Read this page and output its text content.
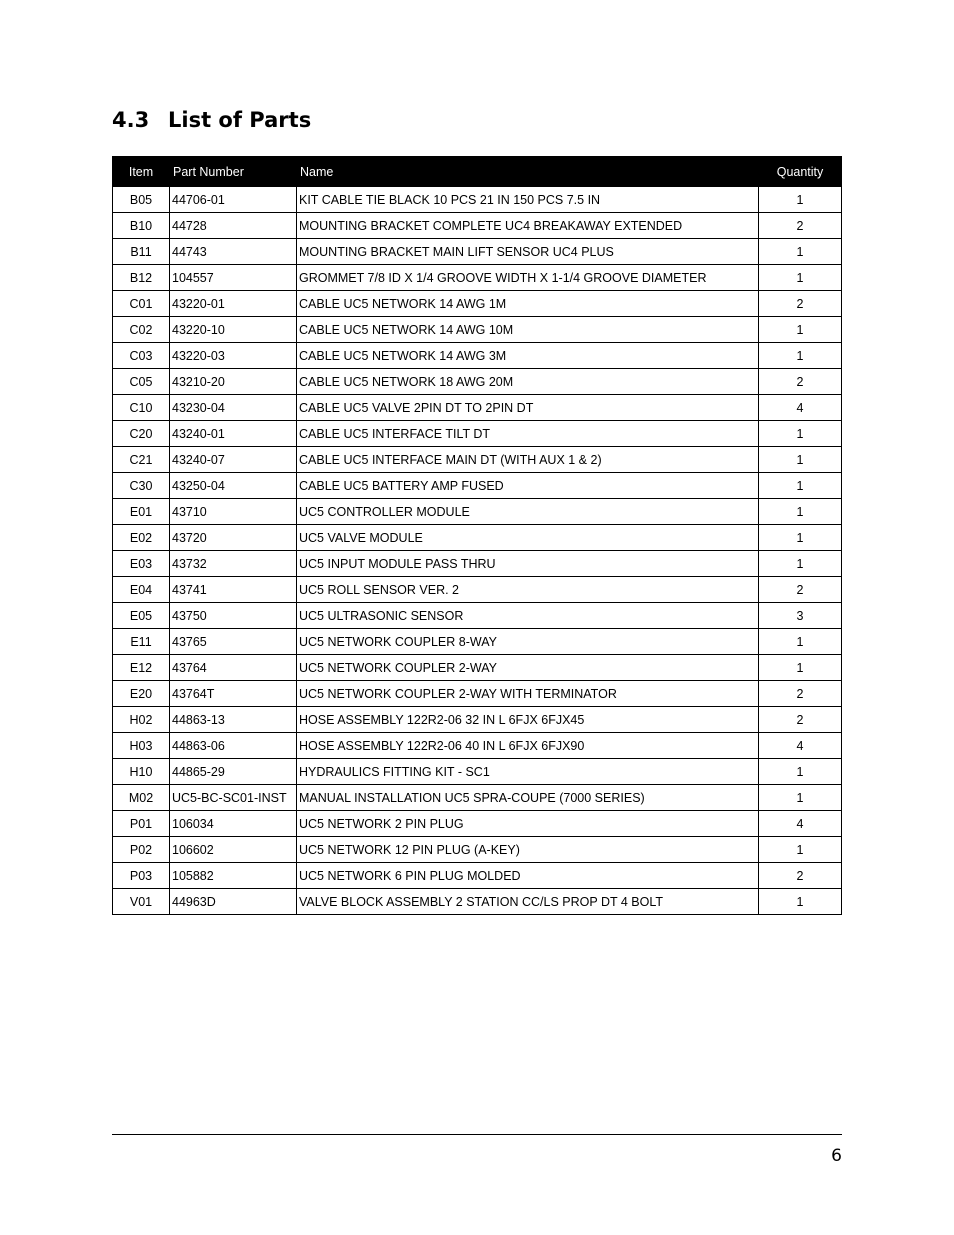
4.3 List of Parts
Item	Part Number	Name	Quantity
B05	44706-01	KIT CABLE TIE BLACK 10 PCS 21 IN 150 PCS 7.5 IN	1
B10	44728	MOUNTING BRACKET COMPLETE UC4 BREAKAWAY EXTENDED	2
B11	44743	MOUNTING BRACKET MAIN LIFT SENSOR UC4 PLUS	1
B12	104557	GROMMET 7/8 ID X 1/4 GROOVE WIDTH X 1-1/4 GROOVE DIAMETER	1
C01	43220-01	CABLE UC5 NETWORK 14 AWG 1M	2
C02	43220-10	CABLE UC5 NETWORK 14 AWG 10M	1
C03	43220-03	CABLE UC5 NETWORK 14 AWG 3M	1
C05	43210-20	CABLE UC5 NETWORK 18 AWG 20M	2
C10	43230-04	CABLE UC5 VALVE 2PIN DT TO 2PIN DT	4
C20	43240-01	CABLE UC5 INTERFACE TILT DT	1
C21	43240-07	CABLE UC5 INTERFACE MAIN DT (WITH AUX 1 & 2)	1
C30	43250-04	CABLE UC5 BATTERY AMP FUSED	1
E01	43710	UC5 CONTROLLER MODULE	1
E02	43720	UC5 VALVE MODULE	1
E03	43732	UC5 INPUT MODULE PASS THRU	1
E04	43741	UC5 ROLL SENSOR VER. 2	2
E05	43750	UC5 ULTRASONIC SENSOR	3
E11	43765	UC5 NETWORK COUPLER 8-WAY	1
E12	43764	UC5 NETWORK COUPLER 2-WAY	1
E20	43764T	UC5 NETWORK COUPLER 2-WAY WITH TERMINATOR	2
H02	44863-13	HOSE ASSEMBLY 122R2-06 32 IN L 6FJX 6FJX45	2
H03	44863-06	HOSE ASSEMBLY 122R2-06 40 IN L 6FJX 6FJX90	4
H10	44865-29	HYDRAULICS FITTING KIT - SC1	1
M02	UC5-BC-SC01-INST	MANUAL INSTALLATION UC5 SPRA-COUPE (7000 SERIES)	1
P01	106034	UC5 NETWORK 2 PIN PLUG	4
P02	106602	UC5 NETWORK 12 PIN PLUG (A-KEY)	1
P03	105882	UC5 NETWORK 6 PIN PLUG MOLDED	2
V01	44963D	VALVE BLOCK ASSEMBLY 2 STATION CC/LS PROP DT 4 BOLT	1
6
